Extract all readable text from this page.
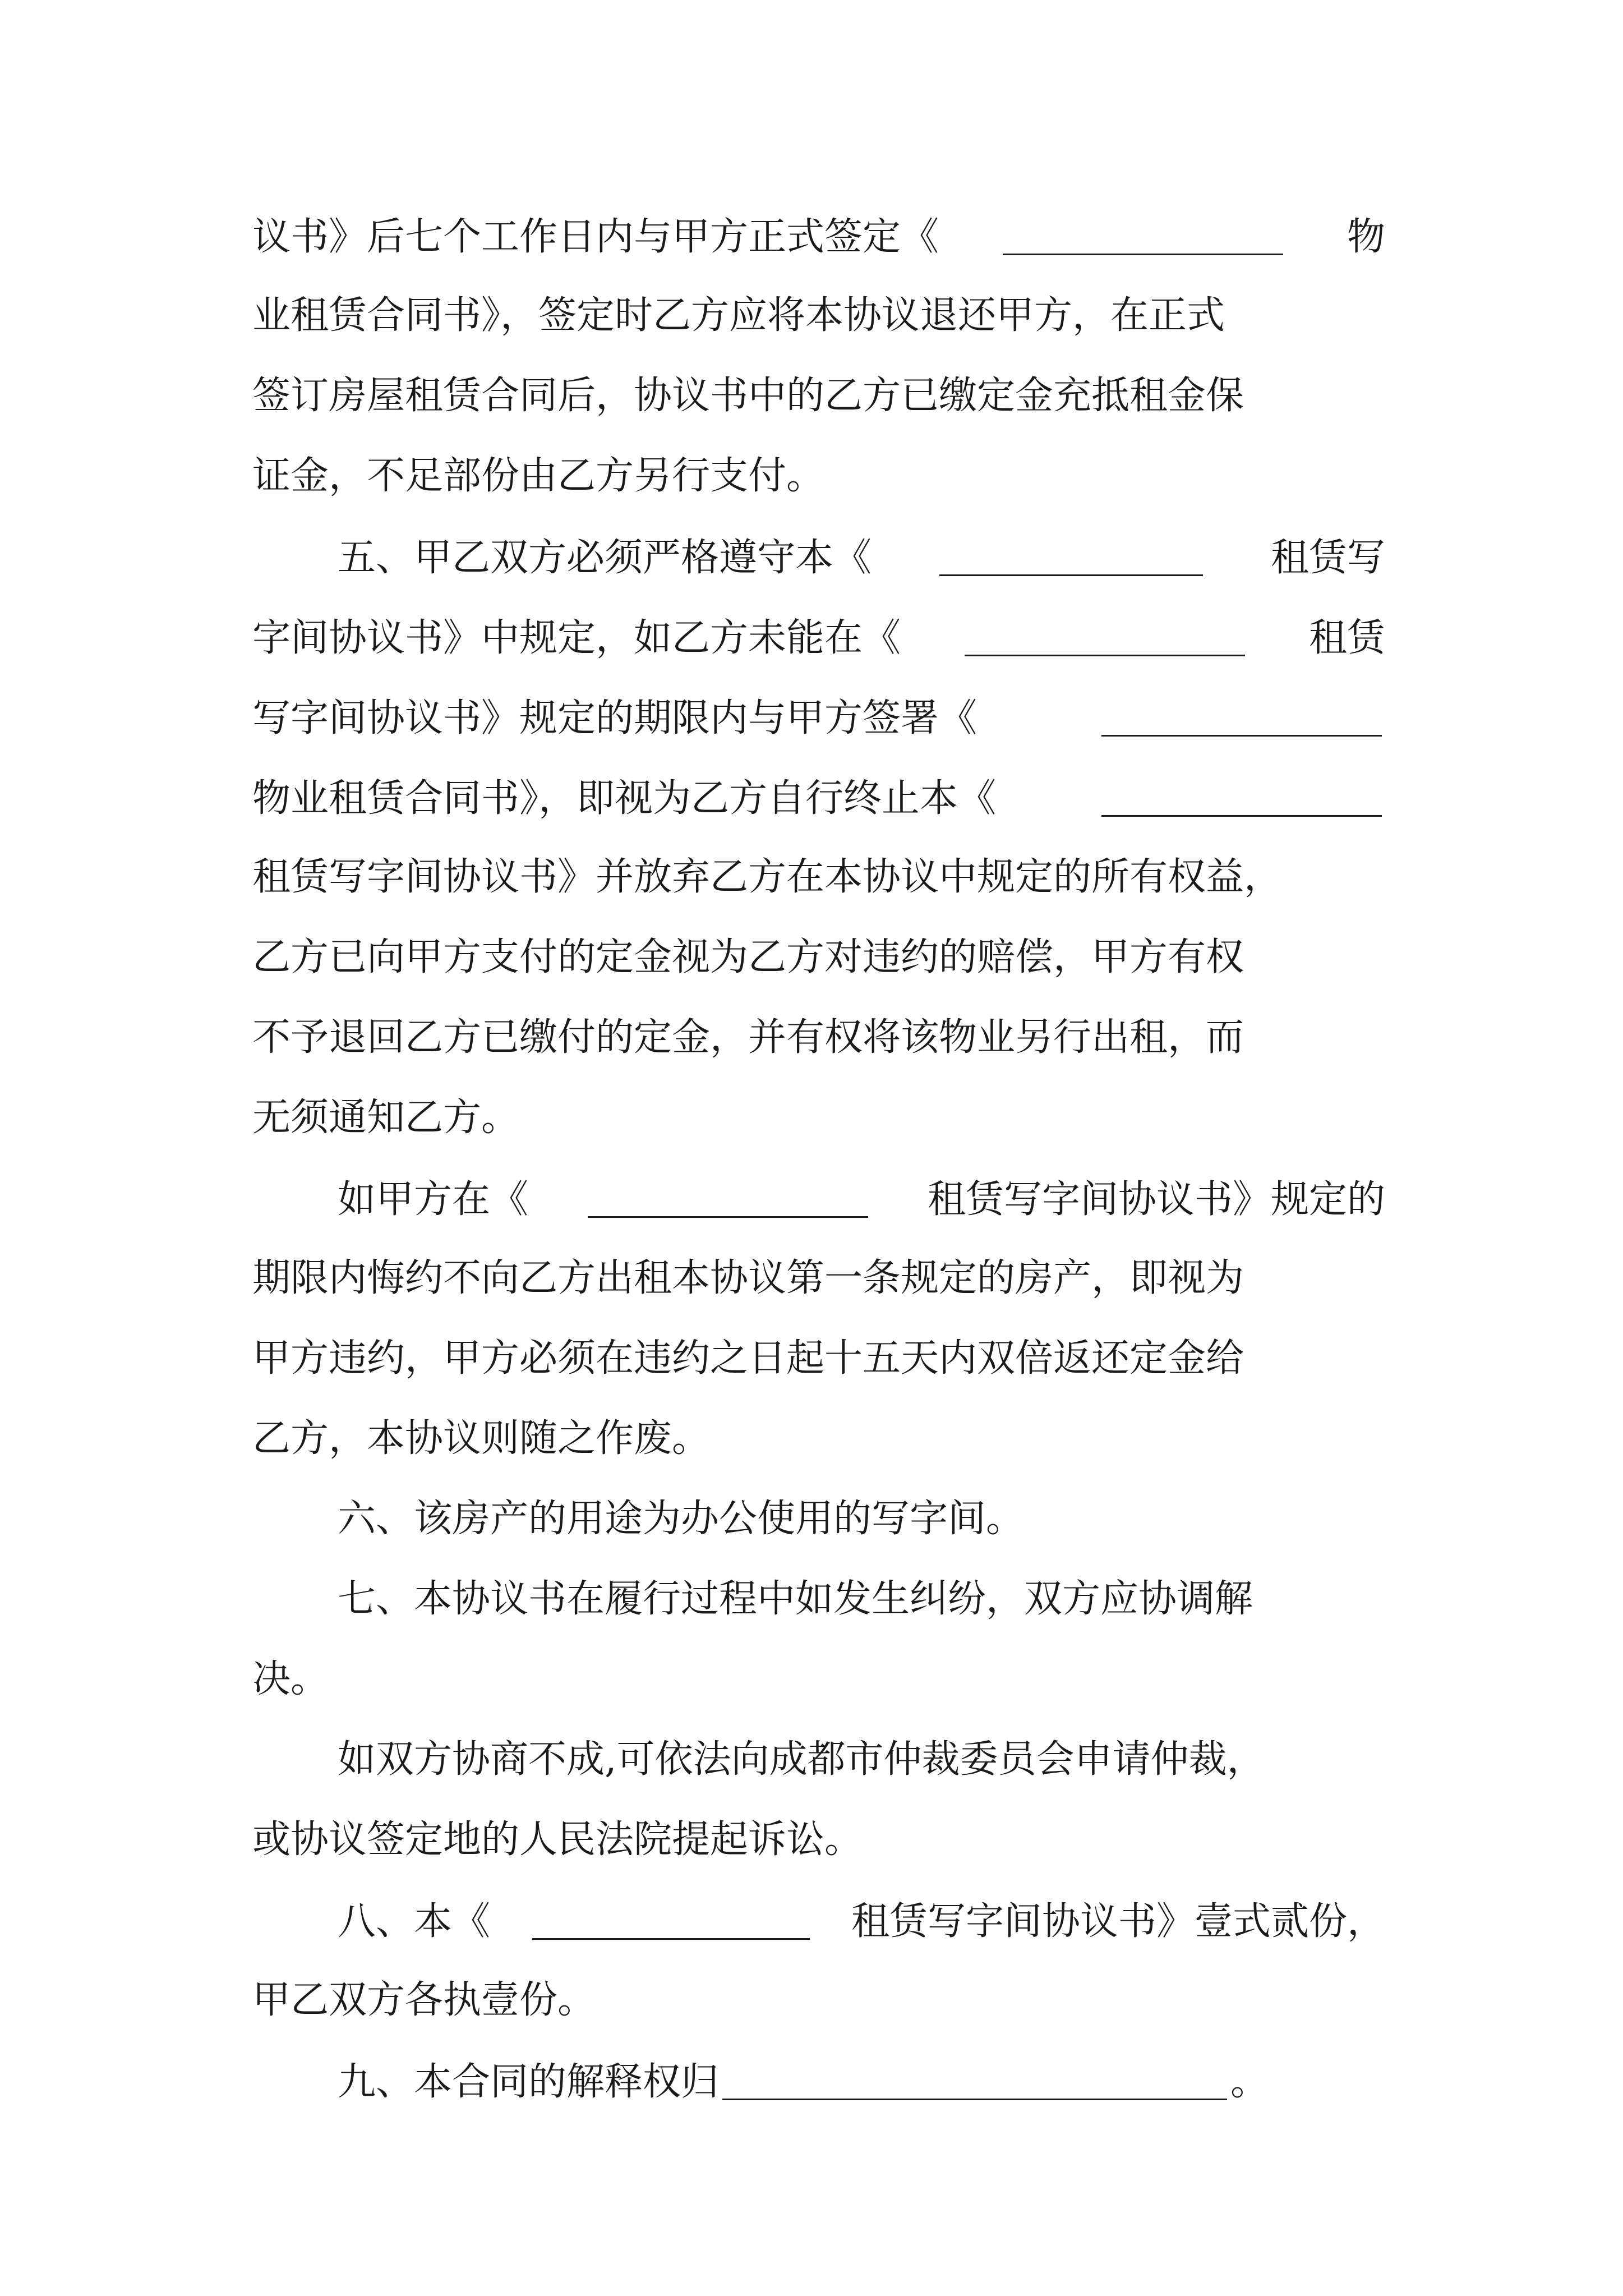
议书》后七个工作日内与甲方正式签定《	物
业租赁合同书》，签定时乙方应将本协议退还甲方，在正式
签订房屋租赁合同后，协议书中的乙方已缴定金充抵租金保
证金，不足部份由乙方另行支付。
五、甲乙双方必须严格遵守本《	租赁写
字间协议书》中规定，如乙方未能在《	租赁
写字间协议书》规定的期限内与甲方签署《
物业租赁合同书》，即视为乙方自行终止本《
租赁写字间协议书》并放弃乙方在本协议中规定的所有权益，
乙方已向甲方支付的定金视为乙方对违约的赔偿，甲方有权
不予退回乙方已缴付的定金，并有权将该物业另行出租，而
无须通知乙方。
如甲方在《	租赁写字间协议书》规定的
期限内悔约不向乙方出租本协议第一条规定的房产，即视为
甲方违约，甲方必须在违约之日起十五天内双倍返还定金给
乙方，本协议则随之作废。
六、该房产的用途为办公使用的写字间。
七、本协议书在履行过程中如发生纠纷，双方应协调解
决。
如双方协商不成,可依法向成都市仲裁委员会申请仲裁，
或协议签定地的人民法院提起诉讼。
八、本《	租赁写字间协议书》壹式贰份，
甲乙双方各执壹份。
九、本合同的解释权归	。
